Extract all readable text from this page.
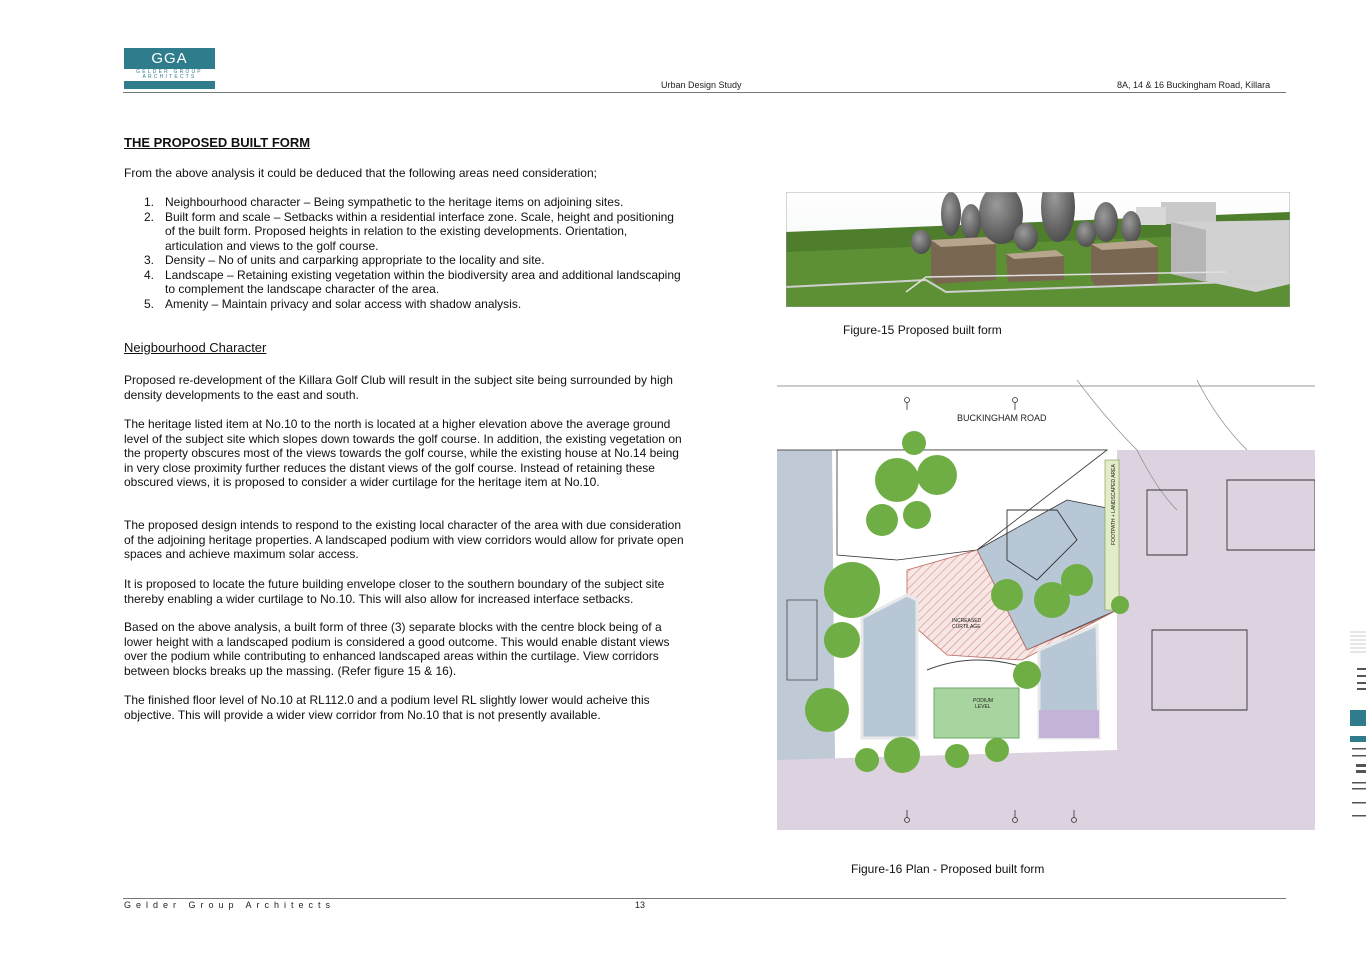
GGA
GELDER GROUP
ARCHITECTS
Urban Design Study	8A, 14 & 16 Buckingham Road, Killara
THE PROPOSED BUILT FORM
From the above analysis it could be deduced that the following areas need consideration;
1. Neighbourhood character – Being sympathetic to the heritage items on adjoining sites.
2. Built form and scale – Setbacks within a residential interface zone. Scale, height and positioning of the built form. Proposed heights in relation to the existing developments. Orientation, articulation and views to the golf course.
3. Density – No of units and carparking appropriate to the locality and site.
4. Landscape – Retaining existing vegetation within the biodiversity area and additional landscaping to complement the landscape character of the area.
5. Amenity – Maintain privacy and solar access with shadow analysis.
Neigbourhood Character
Proposed re-development of the Killara Golf Club will result in the subject site being surrounded by high density developments to the east and south.
The heritage listed item at No.10 to the north is located at a higher elevation above the average ground level of the subject site which slopes down towards the golf course. In addition, the existing vegetation on the property obscures most of the views towards the golf course, while the existing house at No.14 being in very close proximity further reduces the distant views of the golf course. Instead of retaining these obscured views, it is proposed to consider a wider curtilage for the heritage item at No.10.
The proposed design intends to respond to the existing local character of the area with due consideration of the adjoining heritage properties. A landscaped podium with view corridors would allow for private open spaces and achieve maximum solar access.
It is proposed to locate the future building envelope closer to the southern boundary of the subject site thereby enabling a wider curtilage to No.10. This will also allow for increased interface setbacks.
Based on the above analysis, a built form of three (3) separate blocks with the centre block being of a lower height with a landscaped podium is considered a good outcome. This would enable distant views over the podium while contributing to enhanced landscaped areas within the curtilage. View corridors between blocks breaks up the massing. (Refer figure 15 & 16).
The finished floor level of No.10 at RL112.0 and a podium level RL slightly lower would acheive this objective. This will provide a wider view corridor from No.10 that is not presently available.
Figure-15 Proposed built form
BUCKINGHAM ROAD
INCREASED
CURTILAGE
PODIUM
LEVEL
FOOTPATH + LANDSCAPED AREA
Figure-16 Plan - Proposed built form
Gelder Group Architects	13
